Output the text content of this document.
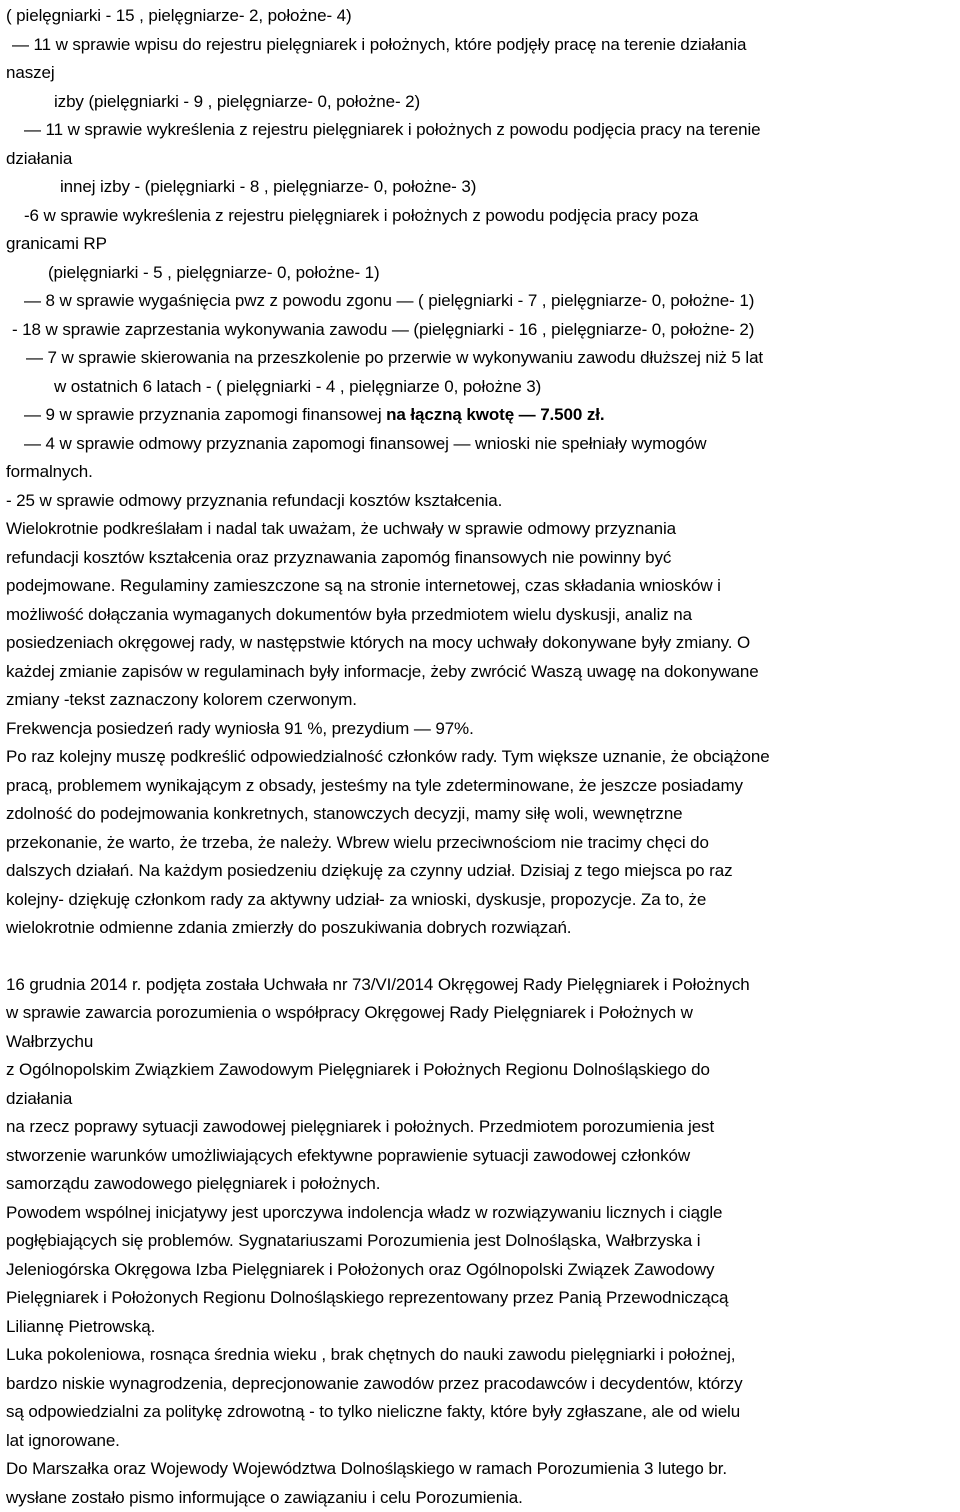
( pielęgniarki - 15 , pielęgniarze- 2, położne- 4)
— 11 w sprawie wpisu do rejestru pielęgniarek i położnych, które podjęły pracę na terenie działania
naszej
izby (pielęgniarki - 9 , pielęgniarze- 0, położne- 2)
— 11 w sprawie wykreślenia z rejestru pielęgniarek i położnych z powodu podjęcia pracy na terenie
działania
innej izby - (pielęgniarki - 8 , pielęgniarze- 0, położne- 3)
-6 w sprawie wykreślenia z rejestru pielęgniarek i położnych z powodu podjęcia pracy poza
granicami RP
(pielęgniarki - 5 , pielęgniarze- 0, położne- 1)
— 8 w sprawie wygaśnięcia pwz z powodu zgonu — ( pielęgniarki - 7 , pielęgniarze- 0, położne- 1)
- 18 w sprawie zaprzestania wykonywania zawodu — (pielęgniarki - 16 , pielęgniarze- 0, położne- 2)
— 7 w sprawie skierowania na przeszkolenie po przerwie w wykonywaniu zawodu dłuższej niż 5 lat
w ostatnich 6 latach - ( pielęgniarki - 4 , pielęgniarze 0, położne 3)
— 9 w sprawie przyznania zapomogi finansowej na łączną kwotę — 7.500 zł.
— 4 w sprawie odmowy przyznania zapomogi finansowej — wnioski nie spełniały wymogów
formalnych.
- 25 w sprawie odmowy przyznania refundacji kosztów kształcenia.
Wielokrotnie podkreślałam i nadal tak uważam, że uchwały w sprawie odmowy przyznania
refundacji kosztów kształcenia oraz przyznawania zapomóg finansowych nie powinny być
podejmowane. Regulaminy zamieszczone są na stronie internetowej, czas składania wniosków i
możliwość dołączania wymaganych dokumentów była przedmiotem wielu dyskusji, analiz na
posiedzeniach okręgowej rady, w następstwie których na mocy uchwały dokonywane były zmiany. O
każdej zmianie zapisów w regulaminach były informacje, żeby zwrócić Waszą uwagę na dokonywane
zmiany -tekst zaznaczony kolorem czerwonym.
Frekwencja posiedzeń rady wyniosła 91 %, prezydium — 97%.
Po raz kolejny muszę podkreślić odpowiedzialność członków rady. Tym większe uznanie, że obciążone
pracą, problemem wynikającym z obsady, jesteśmy na tyle zdeterminowane, że jeszcze posiadamy
zdolność do podejmowania konkretnych, stanowczych decyzji, mamy siłę woli, wewnętrzne
przekonanie, że warto, że trzeba, że należy. Wbrew wielu przeciwnościom nie tracimy chęci do
dalszych działań. Na każdym posiedzeniu dziękuję za czynny udział. Dzisiaj z tego miejsca po raz
kolejny- dziękuję członkom rady za aktywny udział- za wnioski, dyskusje, propozycje. Za to, że
wielokrotnie odmienne zdania zmierzły do poszukiwania dobrych rozwiązań.
16 grudnia 2014 r. podjęta została Uchwała nr 73/VI/2014 Okręgowej Rady Pielęgniarek i Położnych
w sprawie zawarcia porozumienia o współpracy Okręgowej Rady Pielęgniarek i Położnych w
Wałbrzychu
z Ogólnopolskim Związkiem Zawodowym Pielęgniarek i Położnych Regionu Dolnośląskiego do
działania
na rzecz poprawy sytuacji zawodowej pielęgniarek i położnych. Przedmiotem porozumienia jest
stworzenie warunków umożliwiających efektywne poprawienie sytuacji zawodowej członków
samorządu zawodowego pielęgniarek i położnych.
Powodem wspólnej inicjatywy jest uporczywa indolencja władz w rozwiązywaniu licznych i ciągle
pogłębiających się problemów. Sygnatariuszami Porozumienia jest Dolnośląska, Wałbrzyska i
Jeleniogórska Okręgowa Izba Pielęgniarek i Położonych oraz Ogólnopolski Związek Zawodowy
Pielęgniarek i Położonych Regionu Dolnośląskiego reprezentowany przez Panią Przewodniczącą
Liliannę Pietrowską.
Luka pokoleniowa, rosnąca średnia wieku , brak chętnych do nauki zawodu pielęgniarki i położnej,
bardzo niskie wynagrodzenia, deprecjonowanie zawodów przez pracodawców i decydentów, którzy
są odpowiedzialni za politykę zdrowotną - to tylko nieliczne fakty, które były zgłaszane, ale od wielu
lat ignorowane.
Do Marszałka oraz Wojewody Województwa Dolnośląskiego w ramach Porozumienia 3 lutego br.
wysłane zostało pismo informujące o zawiązaniu i celu Porozumienia.
